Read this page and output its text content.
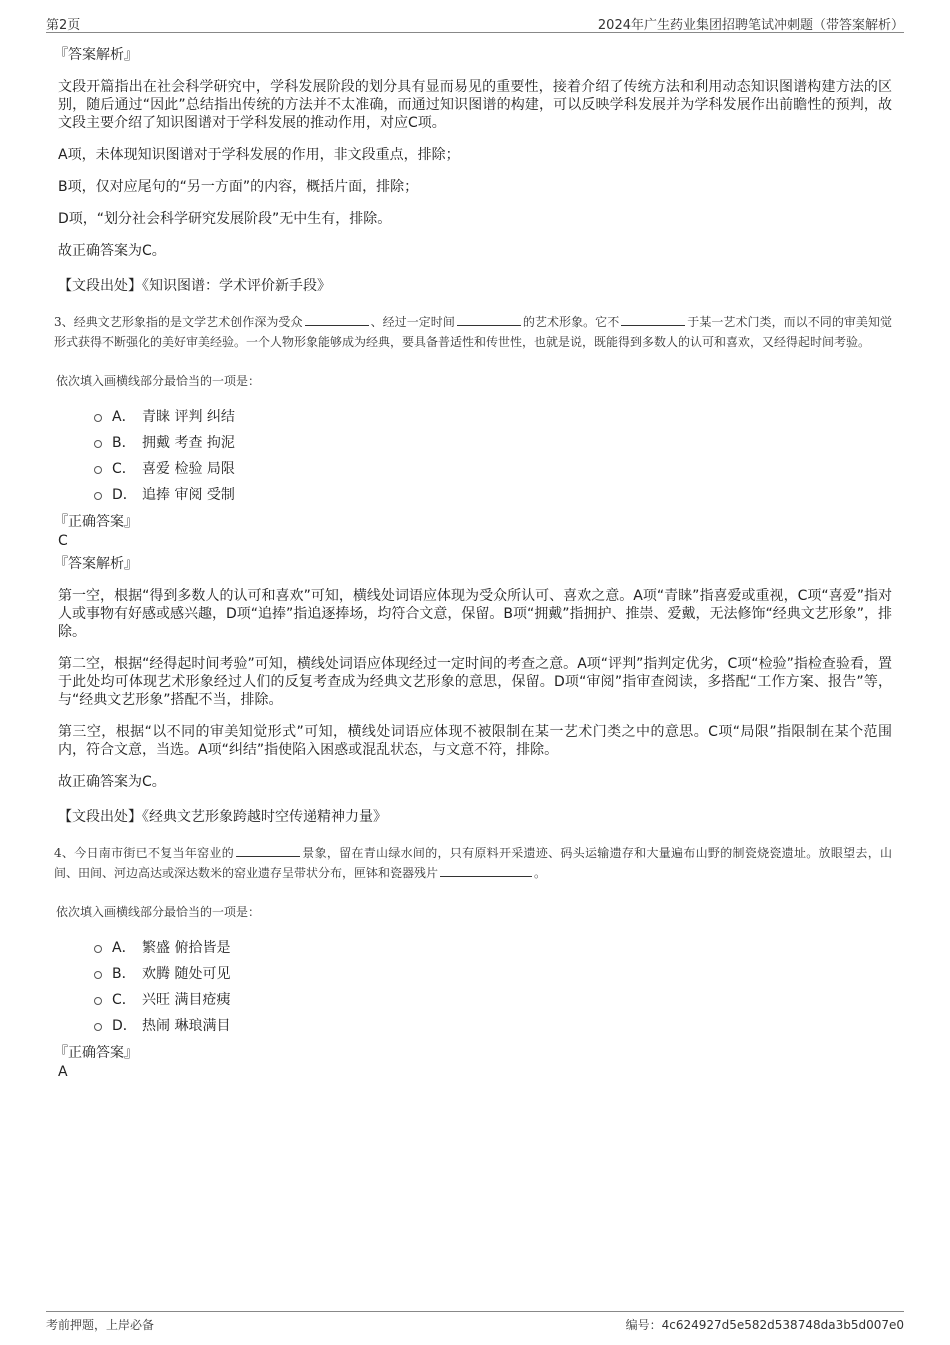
第2页	2024年广生药业集团招聘笔试冲刺题（带答案解析）
『答案解析』
文段开篇指出在社会科学研究中，学科发展阶段的划分具有显而易见的重要性，接着介绍了传统方法和利用动态知识图谱构建方法的区别，随后通过“因此”总结指出传统的方法并不太准确，而通过知识图谱的构建，可以反映学科发展并为学科发展作出前瞻性的预判，故文段主要介绍了知识图谱对于学科发展的推动作用，对应C项。
A项，未体现知识图谱对于学科发展的作用，非文段重点，排除；
B项，仅对应尾句的“另一方面”的内容，概括片面，排除；
D项，“划分社会科学研究发展阶段”无中生有，排除。
故正确答案为C。
【文段出处】《知识图谱：学术评价新手段》
3、经典文艺形象指的是文学艺术创作深为受众	、经过一定时间	的艺术形象。它不	于某一艺术门类，而以不同的审美知觉形式获得不断强化的美好审美经验。一个人物形象能够成为经典，要具备普适性和传世性，也就是说，既能得到多数人的认可和喜欢，又经得起时间考验。
依次填入画横线部分最恰当的一项是：
A． 青睐 评判 纠结
B． 拥戴 考查 拘泥
C． 喜爱 检验 局限
D． 追捧 审阅 受制
『正确答案』
C
『答案解析』
第一空，根据“得到多数人的认可和喜欢”可知，横线处词语应体现为受众所认可、喜欢之意。A项“青睐”指喜爱或重视，C项“喜爱”指对人或事物有好感或感兴趣，D项“追捧”指追逐捧场，均符合文意，保留。B项“拥戴”指拥护、推崇、爱戴，无法修饰“经典文艺形象”，排除。
第二空，根据“经得起时间考验”可知，横线处词语应体现经过一定时间的考查之意。A项“评判”指判定优劣，C项“检验”指检查验看，置于此处均可体现艺术形象经过人们的反复考查成为经典文艺形象的意思，保留。D项“审阅”指审查阅读，多搭配“工作方案、报告”等，与“经典文艺形象”搭配不当，排除。
第三空，根据“以不同的审美知觉形式”可知，横线处词语应体现不被限制在某一艺术门类之中的意思。C项“局限”指限制在某个范围内，符合文意，当选。A项“纠结”指使陷入困惑或混乱状态，与文意不符，排除。
故正确答案为C。
【文段出处】《经典文艺形象跨越时空传递精神力量》
4、今日南市街已不复当年窑业的	景象，留在青山绿水间的，只有原料开采遗迹、码头运输遗存和大量遍布山野的制瓷烧瓷遗址。放眼望去，山间、田间、河边高达或深达数米的窑业遗存呈带状分布，匣钵和瓷器残片	。
依次填入画横线部分最恰当的一项是：
A． 繁盛 俯拾皆是
B． 欢腾 随处可见
C． 兴旺 满目疮痍
D． 热闹 琳琅满目
『正确答案』
A
考前押题，上岸必备	编号：4c624927d5e582d538748da3b5d007e0
